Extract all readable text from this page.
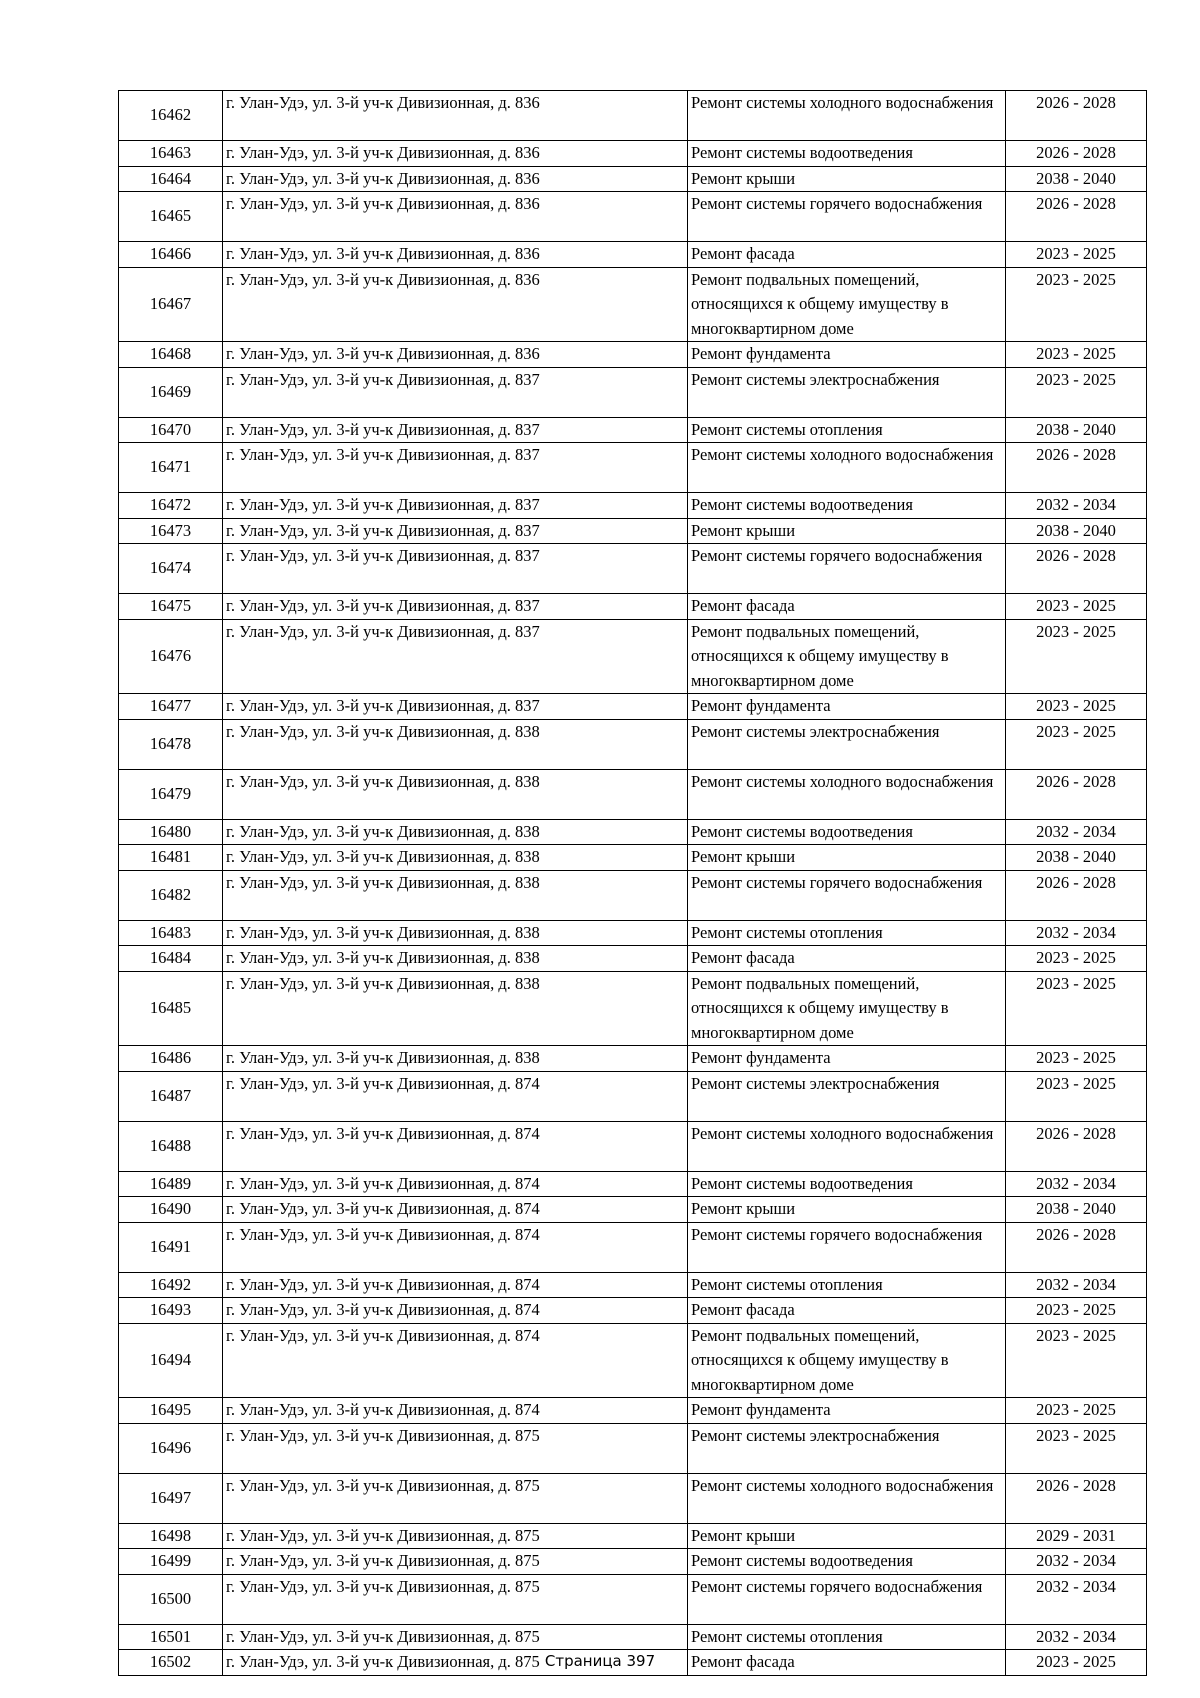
16462	г. Улан-Удэ, ул. 3-й уч-к Дивизионная, д. 836	Ремонт системы холодного водоснабжения	2026 - 2028
16463	г. Улан-Удэ, ул. 3-й уч-к Дивизионная, д. 836	Ремонт системы водоотведения	2026 - 2028
16464	г. Улан-Удэ, ул. 3-й уч-к Дивизионная, д. 836	Ремонт крыши	2038 - 2040
16465	г. Улан-Удэ, ул. 3-й уч-к Дивизионная, д. 836	Ремонт системы горячего водоснабжения	2026 - 2028
16466	г. Улан-Удэ, ул. 3-й уч-к Дивизионная, д. 836	Ремонт фасада	2023 - 2025
16467	г. Улан-Удэ, ул. 3-й уч-к Дивизионная, д. 836	Ремонт подвальных помещений, относящихся к общему имуществу в многоквартирном доме	2023 - 2025
16468	г. Улан-Удэ, ул. 3-й уч-к Дивизионная, д. 836	Ремонт фундамента	2023 - 2025
16469	г. Улан-Удэ, ул. 3-й уч-к Дивизионная, д. 837	Ремонт системы электроснабжения	2023 - 2025
16470	г. Улан-Удэ, ул. 3-й уч-к Дивизионная, д. 837	Ремонт системы отопления	2038 - 2040
16471	г. Улан-Удэ, ул. 3-й уч-к Дивизионная, д. 837	Ремонт системы холодного водоснабжения	2026 - 2028
16472	г. Улан-Удэ, ул. 3-й уч-к Дивизионная, д. 837	Ремонт системы водоотведения	2032 - 2034
16473	г. Улан-Удэ, ул. 3-й уч-к Дивизионная, д. 837	Ремонт крыши	2038 - 2040
16474	г. Улан-Удэ, ул. 3-й уч-к Дивизионная, д. 837	Ремонт системы горячего водоснабжения	2026 - 2028
16475	г. Улан-Удэ, ул. 3-й уч-к Дивизионная, д. 837	Ремонт фасада	2023 - 2025
16476	г. Улан-Удэ, ул. 3-й уч-к Дивизионная, д. 837	Ремонт подвальных помещений, относящихся к общему имуществу в многоквартирном доме	2023 - 2025
16477	г. Улан-Удэ, ул. 3-й уч-к Дивизионная, д. 837	Ремонт фундамента	2023 - 2025
16478	г. Улан-Удэ, ул. 3-й уч-к Дивизионная, д. 838	Ремонт системы электроснабжения	2023 - 2025
16479	г. Улан-Удэ, ул. 3-й уч-к Дивизионная, д. 838	Ремонт системы холодного водоснабжения	2026 - 2028
16480	г. Улан-Удэ, ул. 3-й уч-к Дивизионная, д. 838	Ремонт системы водоотведения	2032 - 2034
16481	г. Улан-Удэ, ул. 3-й уч-к Дивизионная, д. 838	Ремонт крыши	2038 - 2040
16482	г. Улан-Удэ, ул. 3-й уч-к Дивизионная, д. 838	Ремонт системы горячего водоснабжения	2026 - 2028
16483	г. Улан-Удэ, ул. 3-й уч-к Дивизионная, д. 838	Ремонт системы отопления	2032 - 2034
16484	г. Улан-Удэ, ул. 3-й уч-к Дивизионная, д. 838	Ремонт фасада	2023 - 2025
16485	г. Улан-Удэ, ул. 3-й уч-к Дивизионная, д. 838	Ремонт подвальных помещений, относящихся к общему имуществу в многоквартирном доме	2023 - 2025
16486	г. Улан-Удэ, ул. 3-й уч-к Дивизионная, д. 838	Ремонт фундамента	2023 - 2025
16487	г. Улан-Удэ, ул. 3-й уч-к Дивизионная, д. 874	Ремонт системы электроснабжения	2023 - 2025
16488	г. Улан-Удэ, ул. 3-й уч-к Дивизионная, д. 874	Ремонт системы холодного водоснабжения	2026 - 2028
16489	г. Улан-Удэ, ул. 3-й уч-к Дивизионная, д. 874	Ремонт системы водоотведения	2032 - 2034
16490	г. Улан-Удэ, ул. 3-й уч-к Дивизионная, д. 874	Ремонт крыши	2038 - 2040
16491	г. Улан-Удэ, ул. 3-й уч-к Дивизионная, д. 874	Ремонт системы горячего водоснабжения	2026 - 2028
16492	г. Улан-Удэ, ул. 3-й уч-к Дивизионная, д. 874	Ремонт системы отопления	2032 - 2034
16493	г. Улан-Удэ, ул. 3-й уч-к Дивизионная, д. 874	Ремонт фасада	2023 - 2025
16494	г. Улан-Удэ, ул. 3-й уч-к Дивизионная, д. 874	Ремонт подвальных помещений, относящихся к общему имуществу в многоквартирном доме	2023 - 2025
16495	г. Улан-Удэ, ул. 3-й уч-к Дивизионная, д. 874	Ремонт фундамента	2023 - 2025
16496	г. Улан-Удэ, ул. 3-й уч-к Дивизионная, д. 875	Ремонт системы электроснабжения	2023 - 2025
16497	г. Улан-Удэ, ул. 3-й уч-к Дивизионная, д. 875	Ремонт системы холодного водоснабжения	2026 - 2028
16498	г. Улан-Удэ, ул. 3-й уч-к Дивизионная, д. 875	Ремонт крыши	2029 - 2031
16499	г. Улан-Удэ, ул. 3-й уч-к Дивизионная, д. 875	Ремонт системы водоотведения	2032 - 2034
16500	г. Улан-Удэ, ул. 3-й уч-к Дивизионная, д. 875	Ремонт системы горячего водоснабжения	2032 - 2034
16501	г. Улан-Удэ, ул. 3-й уч-к Дивизионная, д. 875	Ремонт системы отопления	2032 - 2034
16502	г. Улан-Удэ, ул. 3-й уч-к Дивизионная, д. 875	Ремонт фасада	2023 - 2025
Страница 397
